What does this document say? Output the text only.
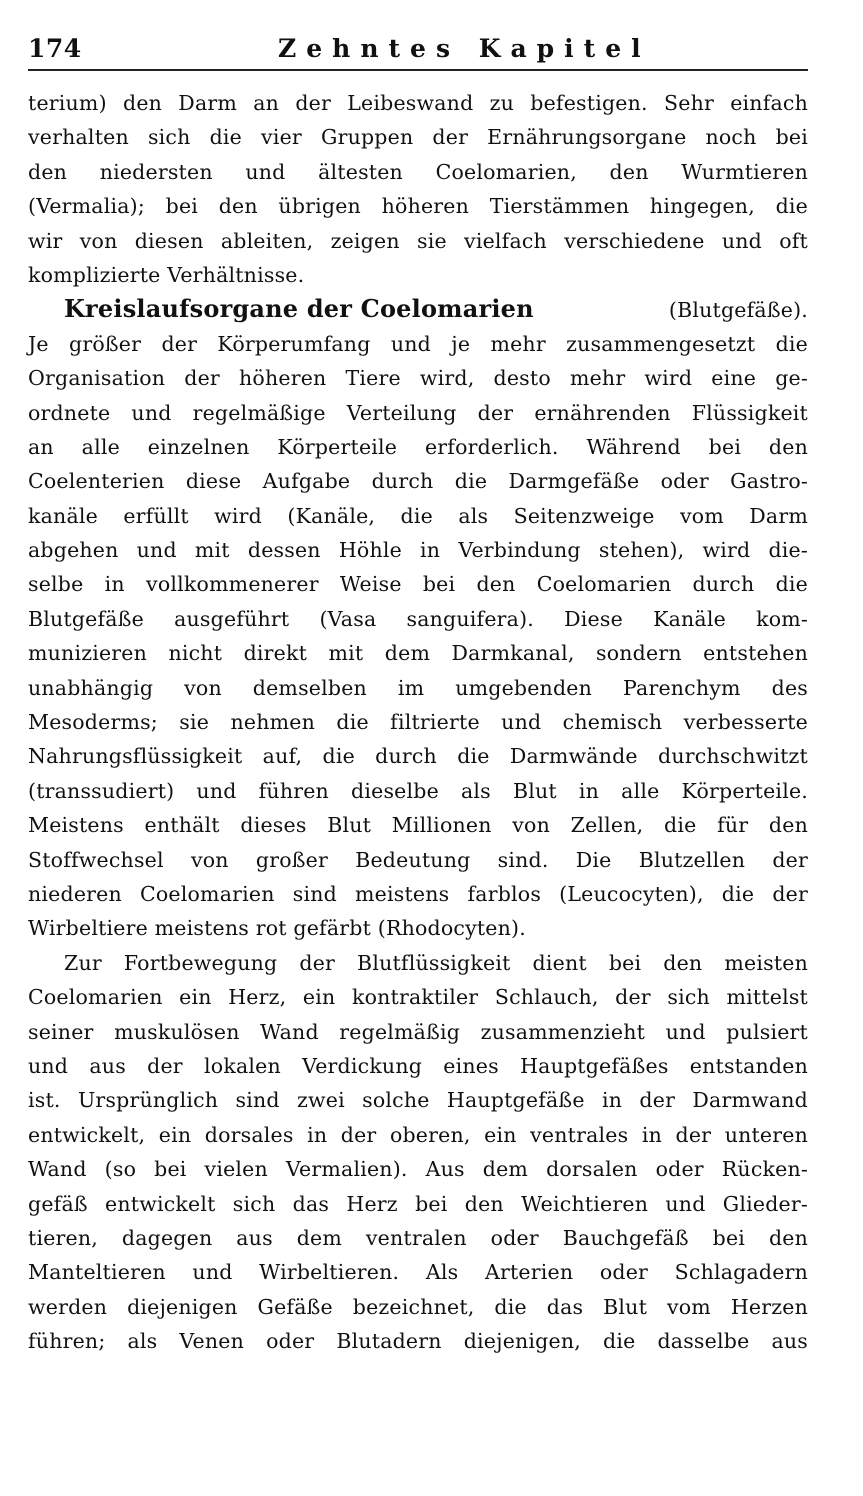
174	Zehntes Kapitel
terium) den Darm an der Leibeswand zu befestigen. Sehr einfach
verhalten sich die vier Gruppen der Ernährungsorgane noch bei
den niedersten und ältesten Coelomarien, den Wurmtieren
(Vermalia); bei den übrigen höheren Tierstämmen hingegen, die
wir von diesen ableiten, zeigen sie vielfach verschiedene und oft
komplizierte Verhältnisse.
Kreislaufsorgane der Coelomarien	(Blutgefäße).
Je größer der Körperumfang und je mehr zusammengesetzt die
Organisation der höheren Tiere wird, desto mehr wird eine ge-
ordnete und regelmäßige Verteilung der ernährenden Flüssigkeit
an alle einzelnen Körperteile erforderlich. Während bei den
Coelenterien diese Aufgabe durch die Darmgefäße oder Gastro-
kanäle erfüllt wird (Kanäle, die als Seitenzweige vom Darm
abgehen und mit dessen Höhle in Verbindung stehen), wird die-
selbe in vollkommenerer Weise bei den Coelomarien durch die
Blutgefäße ausgeführt (Vasa sanguifera). Diese Kanäle kom-
munizieren nicht direkt mit dem Darmkanal, sondern entstehen
unabhängig von demselben im umgebenden Parenchym des
Mesoderms; sie nehmen die filtrierte und chemisch verbesserte
Nahrungsflüssigkeit auf, die durch die Darmwände durchschwitzt
(transsudiert) und führen dieselbe als Blut in alle Körperteile.
Meistens enthält dieses Blut Millionen von Zellen, die für den
Stoffwechsel von großer Bedeutung sind. Die Blutzellen der
niederen Coelomarien sind meistens farblos (Leucocyten), die der
Wirbeltiere meistens rot gefärbt (Rhodocyten).
Zur Fortbewegung der Blutflüssigkeit dient bei den meisten
Coelomarien ein Herz, ein kontraktiler Schlauch, der sich mittelst
seiner muskulösen Wand regelmäßig zusammenzieht und pulsiert
und aus der lokalen Verdickung eines Hauptgefäßes entstanden
ist. Ursprünglich sind zwei solche Hauptgefäße in der Darmwand
entwickelt, ein dorsales in der oberen, ein ventrales in der unteren
Wand (so bei vielen Vermalien). Aus dem dorsalen oder Rücken-
gefäß entwickelt sich das Herz bei den Weichtieren und Glieder-
tieren, dagegen aus dem ventralen oder Bauchgefäß bei den
Manteltieren und Wirbeltieren. Als Arterien oder Schlagadern
werden diejenigen Gefäße bezeichnet, die das Blut vom Herzen
führen; als Venen oder Blutadern diejenigen, die dasselbe aus
